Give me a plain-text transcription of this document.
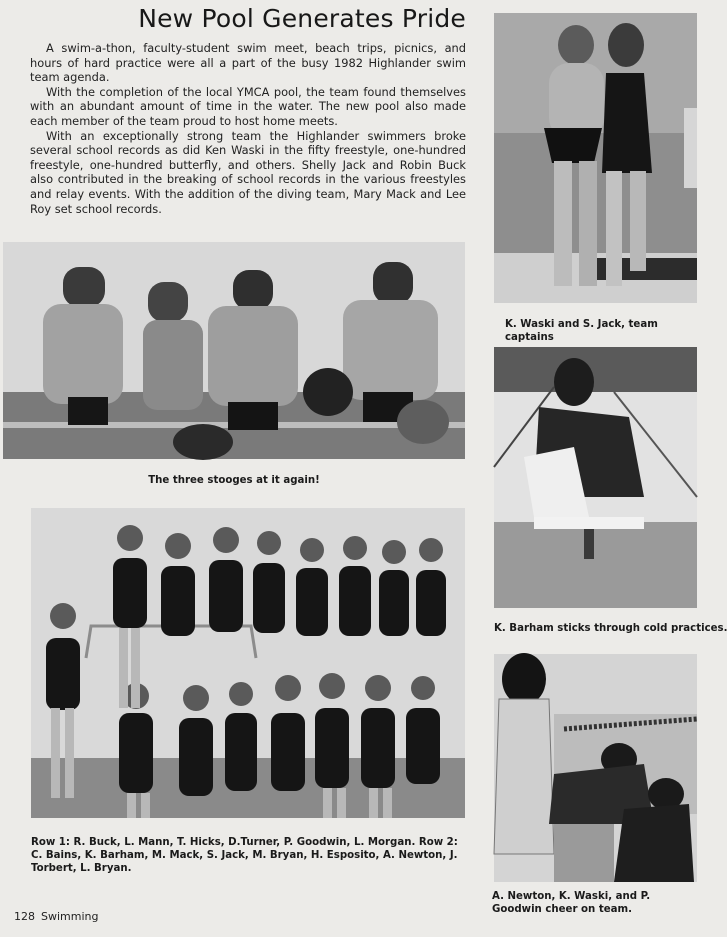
New Pool Generates Pride

A swim-a-thon, faculty-student swim meet, beach trips, picnics, and hours of hard practice were all a part of the busy 1982 Highlander swim team agenda.

With the completion of the local YMCA pool, the team found themselves with an abundant amount of time in the water. The new pool also made each member of the team proud to host home meets.

With an exceptionally strong team the Highlander swimmers broke several school records as did Ken Waski in the fifty freestyle, one-hundred freestyle, one-hundred butterfly, and others. Shelly Jack and Robin Buck also contributed in the breaking of school records in the various freestyles and relay events. With the addition of the diving team, Mary Mack and Lee Roy set school records.

K. Waski and S. Jack, team captains
The three stooges at it again!
K. Barham sticks through cold practices.
Row 1: R. Buck, L. Mann, T. Hicks, D.Turner, P. Goodwin, L. Morgan. Row 2: C. Bains, K. Barham, M. Mack, S. Jack, M. Bryan, H. Esposito, A. Newton, J. Torbert, L. Bryan.
A. Newton, K. Waski, and P. Goodwin cheer on team.
128 Swimming
